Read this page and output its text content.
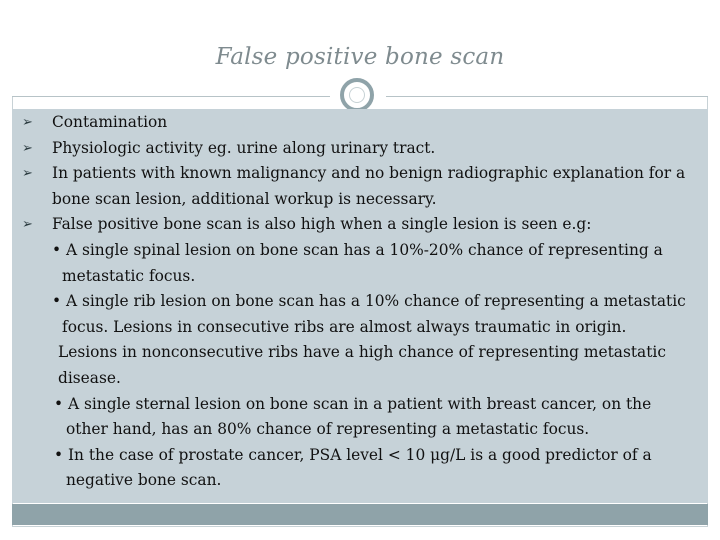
False positive bone scan
➢	Contamination
➢	Physiologic activity eg. urine along urinary tract.
➢	In patients with known malignancy and no benign radiographic explanation for a bone scan lesion, additional workup is necessary.
➢	False positive bone scan is also high when a single lesion is seen e.g:
• A single spinal lesion on bone scan has a 10%-20% chance of representing a metastatic focus.
• A single rib lesion on bone scan has a 10% chance of representing a metastatic focus. Lesions in consecutive ribs are almost always traumatic in origin.
Lesions in nonconsecutive ribs have a high chance of representing metastatic disease.
• A single sternal lesion on bone scan in a patient with breast cancer, on the other hand, has an 80% chance of representing a metastatic focus.
• In the case of prostate cancer, PSA level < 10 μg/L is a good predictor of a negative bone scan.
